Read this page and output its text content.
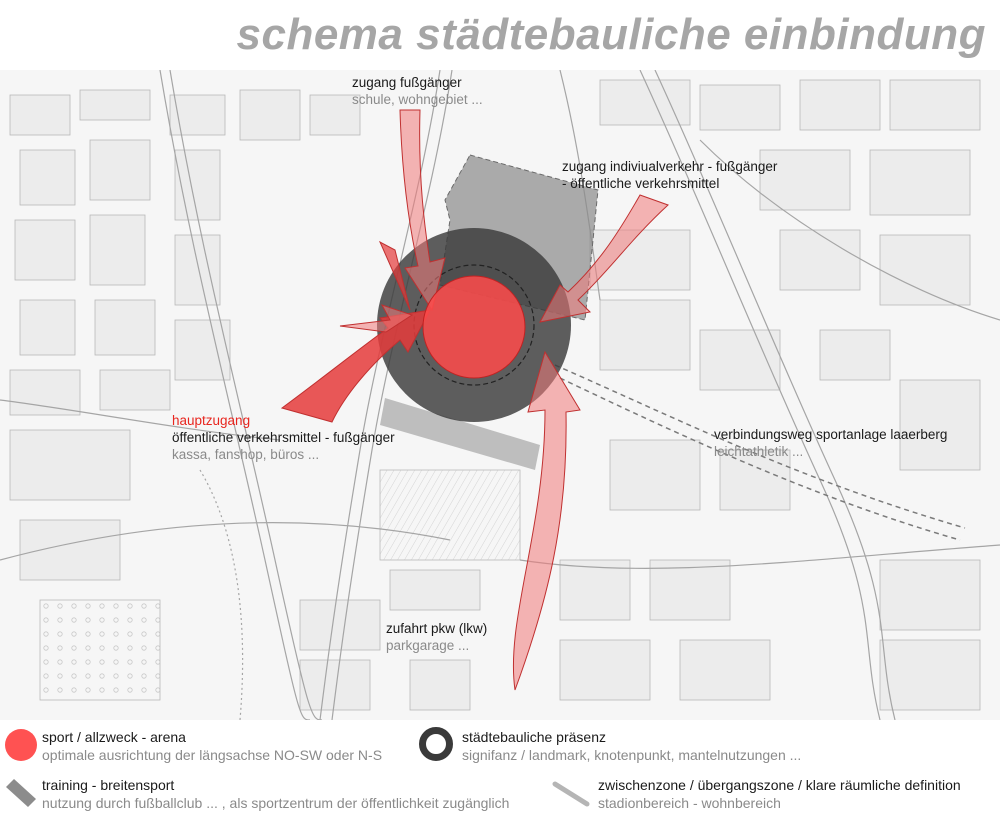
schema städtebauliche einbindung
zugang fußgänger
schule, wohngebiet ...
zugang indiviualverkehr - fußgänger
- öffentliche verkehrsmittel
hauptzugang
öffentliche verkehrsmittel - fußgänger
kassa, fanshop, büros ...
verbindungsweg sportanlage laaerberg
leichtathletik ...
zufahrt pkw (lkw)
parkgarage ...
sport / allzweck - arena
optimale ausrichtung der längsachse NO-SW oder N-S
städtebauliche präsenz
signifanz / landmark, knotenpunkt, mantelnutzungen ...
training - breitensport
nutzung durch fußballclub ... , als sportzentrum der öffentlichkeit zugänglich
zwischenzone / übergangszone / klare räumliche definition
stadionbereich - wohnbereich
